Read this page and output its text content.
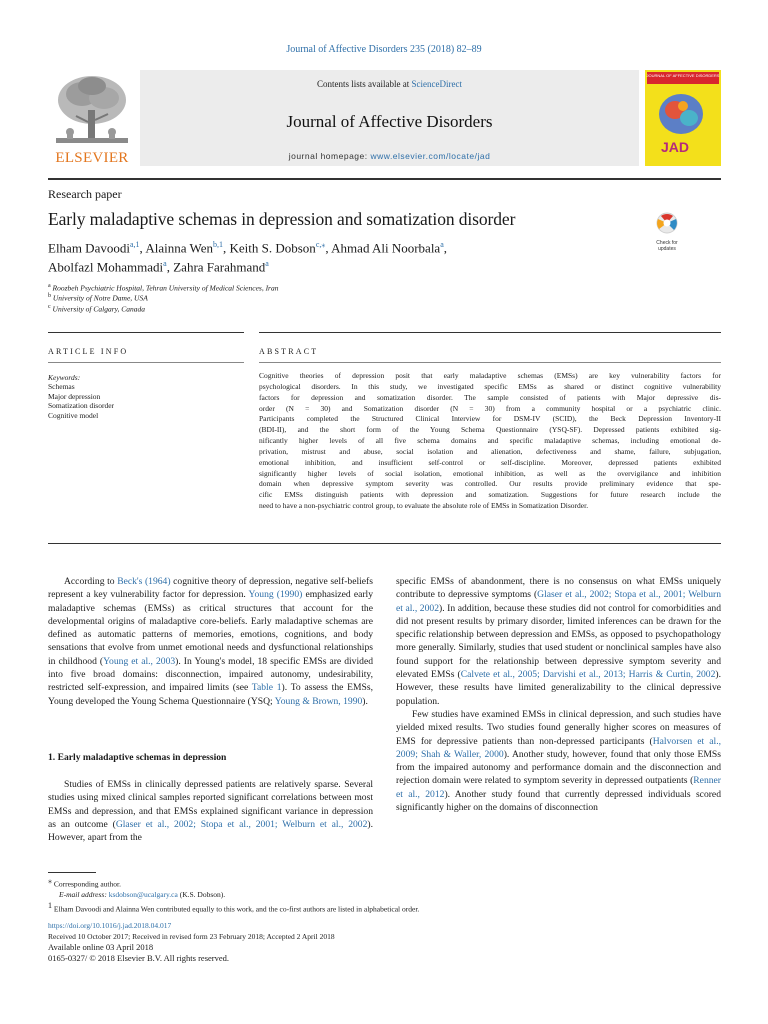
Journal of Affective Disorders 235 (2018) 82–89
ELSEVIER
Contents lists available at ScienceDirect
Journal of Affective Disorders
journal homepage: www.elsevier.com/locate/jad
JOURNAL OF AFFECTIVE DISORDERS
JAD
Research paper
Early maladaptive schemas in depression and somatization disorder
Check for
updates
Elham Davoodi$^{a,1}$, Alainna Wen$^{b,1}$, Keith S. Dobson$^{c,⁎}$, Ahmad Ali Noorbala$^a$,
Abolfazl Mohammadi$^a$, Zahra Farahmand$^a$
$^a$ Roozbeh Psychiatric Hospital, Tehran University of Medical Sciences, Iran
$^b$ University of Notre Dame, USA
$^c$ University of Calgary, Canada
ARTICLE INFO	ABSTRACT
Keywords:
Schemas
Major depression
Somatization disorder
Cognitive model
Cognitive theories of depression posit that early maladaptive schemas (EMSs) are key vulnerability factors for
psychological disorders. In this study, we investigated specific EMSs as shared or distinct cognitive vulnerability
factors for depression and somatization disorder. The sample consisted of patients with Major depressive dis-
order (N = 30) and Somatization disorder (N = 30) from a community hospital or a psychiatric clinic.
Participants completed the Structured Clinical Interview for DSM-IV (SCID), the Beck Depression Inventory-II
(BDI-II), and the short form of the Young Schema Questionnaire (YSQ-SF). Depressed patients exhibited sig-
nificantly higher levels of all five schema domains and specific maladaptive schemas, including emotional de-
privation, mistrust and abuse, social isolation and alienation, defectiveness and shame, failure, subjugation,
emotional inhibition, and insufficient self-control or self-discipline. Moreover, depressed patients exhibited
significantly higher levels of social isolation, emotional inhibition, as well as the overvigilance and inhibition
domain when depressive symptom severity was controlled. Our results provide preliminary evidence that spe-
cific EMSs distinguish patients with depression and somatization. Suggestions for future research include the
need to have a non-psychiatric control group, to evaluate the absolute role of EMSs in Somatization Disorder.

According to Beck's (1964) cognitive theory of depression, negative self-beliefs represent a key vulnerability factor for depression. Young (1990) emphasized early maladaptive schemas (EMSs) as critical structures that account for the developmental origins of maladaptive core-beliefs. Early maladaptive schemas are defined as automatic patterns of memories, emotions, cognitions, and body sensations that evolve from unmet emotional needs and dysfunctional relationships in childhood (Young et al., 2003). In Young's model, 18 specific EMSs are divided into five broad domains: disconnection, impaired autonomy, undesirability, restricted self-expression, and impaired limits (see Table 1). To assess the EMSs, Young developed the Young Schema Questionnaire (YSQ; Young & Brown, 1990).

1. Early maladaptive schemas in depression

Studies of EMSs in clinically depressed patients are relatively sparse. Several studies using mixed clinical samples reported significant correlations between most EMSs and depression, and that EMSs explained significant variance in depression as an outcome (Glaser et al., 2002; Stopa et al., 2001; Welburn et al., 2002). However, apart from the

specific EMSs of abandonment, there is no consensus on what EMSs uniquely contribute to depressive symptoms (Glaser et al., 2002; Stopa et al., 2001; Welburn et al., 2002). In addition, because these studies did not control for comorbidities and did not present results by primary disorder, limited inferences can be drawn for the specific relationship between depression and EMSs, as opposed to psychopathology more generally. Similarly, studies that used student or nonclinical samples have also found support for the relationship between depressive symptom severity and elevated EMSs (Calvete et al., 2005; Darvishi et al., 2013; Harris & Curtin, 2002). However, these results have limited generalizability to the clinical depressive population.

Few studies have examined EMSs in clinical depression, and such studies have yielded mixed results. Two studies found generally higher scores on measures of EMS for depressive patients than non-depressed participants (Halvorsen et al., 2009; Shah & Waller, 2000). Another study, however, found that only those EMSs from the impaired autonomy and performance domain and the disconnection and rejection domain were related to symptom severity in depressed outpatients (Renner et al., 2012). Another study found that currently depressed individuals scored significantly higher on the domains of disconnection

⁎ Corresponding author.
E-mail address: ksdobson@ucalgary.ca (K.S. Dobson).
$^1$ Elham Davoodi and Alainna Wen contributed equally to this work, and the co-first authors are listed in alphabetical order.
https://doi.org/10.1016/j.jad.2018.04.017
Received 10 October 2017; Received in revised form 23 February 2018; Accepted 2 April 2018
Available online 03 April 2018
0165-0327/ © 2018 Elsevier B.V. All rights reserved.
